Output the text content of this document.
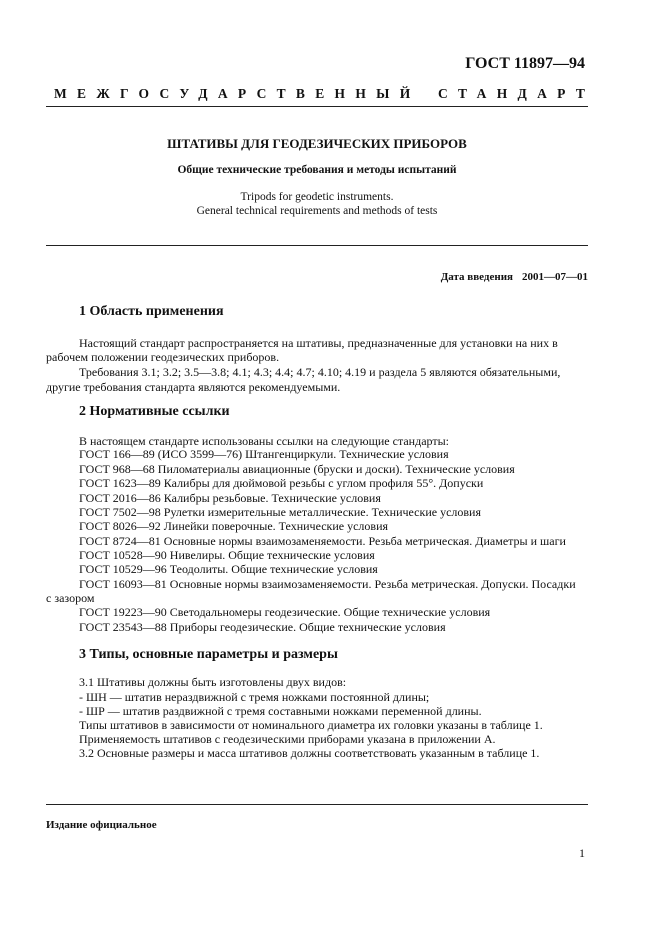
ГОСТ 11897—94
МЕЖГОСУДАРСТВЕННЫЙ СТАНДАРТ
ШТАТИВЫ ДЛЯ ГЕОДЕЗИЧЕСКИХ ПРИБОРОВ
Общие технические требования и методы испытаний
Tripods for geodetic instruments.
General technical requirements and methods of tests
Дата введения 2001—07—01
1 Область применения
Настоящий стандарт распространяется на штативы, предназначенные для установки на них в
рабочем положении геодезических приборов.
Требования 3.1; 3.2; 3.5—3.8; 4.1; 4.3; 4.4; 4.7; 4.10; 4.19 и раздела 5 являются обязательными,
другие требования стандарта являются рекомендуемыми.
2 Нормативные ссылки
В настоящем стандарте использованы ссылки на следующие стандарты:
ГОСТ 166—89 (ИСО 3599—76) Штангенциркули. Технические условия
ГОСТ 968—68 Пиломатериалы авиационные (бруски и доски). Технические условия
ГОСТ 1623—89 Калибры для дюймовой резьбы с углом профиля 55°. Допуски
ГОСТ 2016—86 Калибры резьбовые. Технические условия
ГОСТ 7502—98 Рулетки измерительные металлические. Технические условия
ГОСТ 8026—92 Линейки поверочные. Технические условия
ГОСТ 8724—81 Основные нормы взаимозаменяемости. Резьба метрическая. Диаметры и шаги
ГОСТ 10528—90 Нивелиры. Общие технические условия
ГОСТ 10529—96 Теодолиты. Общие технические условия
ГОСТ 16093—81 Основные нормы взаимозаменяемости. Резьба метрическая. Допуски. Посадки
с зазором
ГОСТ 19223—90 Светодальномеры геодезические. Общие технические условия
ГОСТ 23543—88 Приборы геодезические. Общие технические условия
3 Типы, основные параметры и размеры
3.1 Штативы должны быть изготовлены двух видов:
- ШН — штатив нераздвижной с тремя ножками постоянной длины;
- ШР — штатив раздвижной с тремя составными ножками переменной длины.
Типы штативов в зависимости от номинального диаметра их головки указаны в таблице 1.
Применяемость штативов с геодезическими приборами указана в приложении А.
3.2 Основные размеры и масса штативов должны соответствовать указанным в таблице 1.
Издание официальное
1
